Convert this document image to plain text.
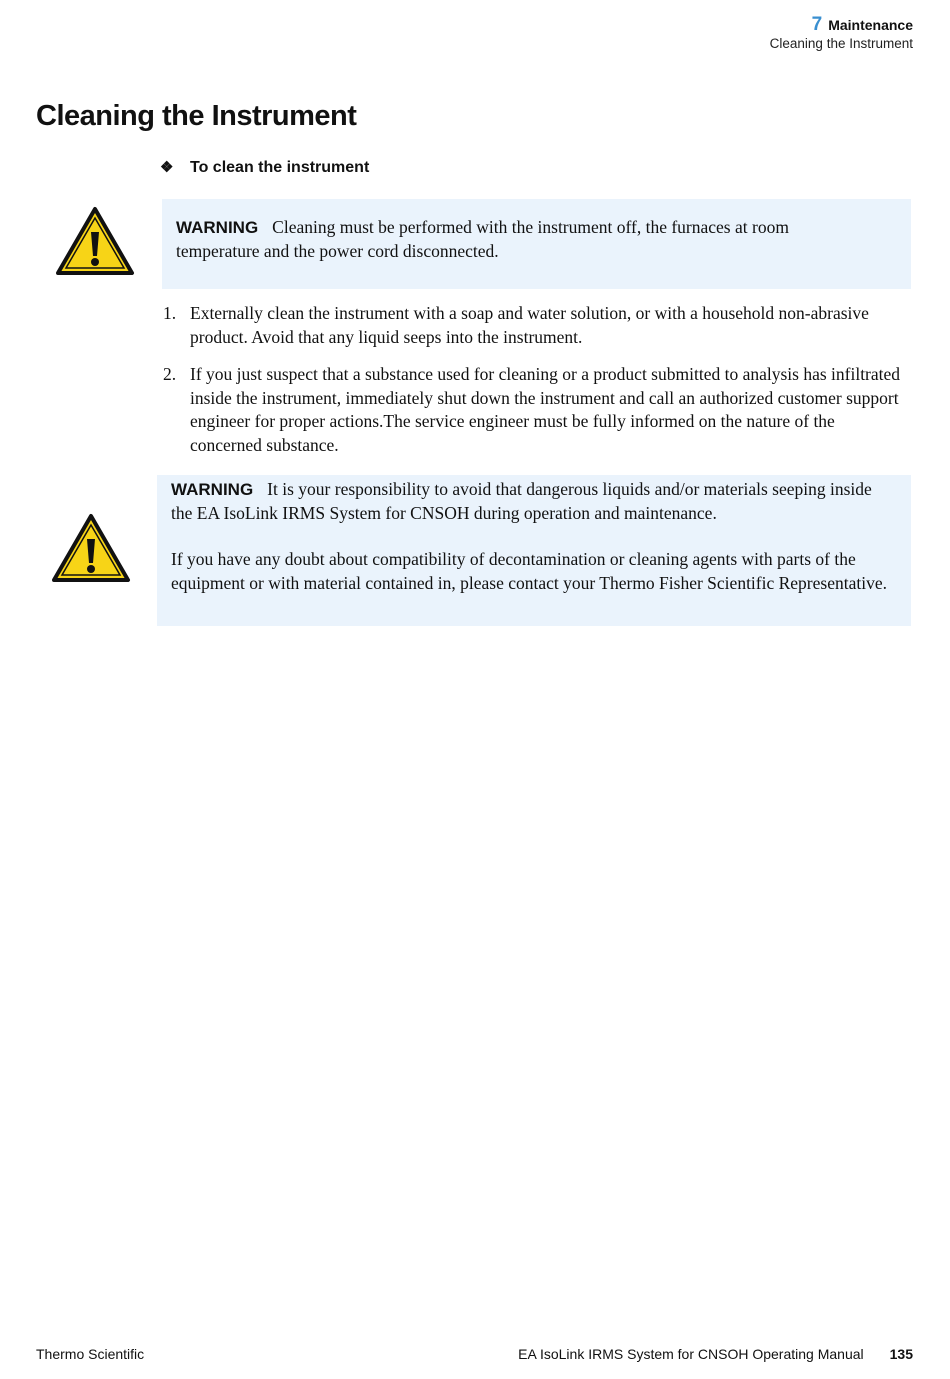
7 Maintenance
Cleaning the Instrument
Cleaning the Instrument
❖ To clean the instrument

WARNING Cleaning must be performed with the instrument off, the furnaces at room temperature and the power cord disconnected.

1. Externally clean the instrument with a soap and water solution, or with a household non-abrasive product. Avoid that any liquid seeps into the instrument.
2. If you just suspect that a substance used for cleaning or a product submitted to analysis has infiltrated inside the instrument, immediately shut down the instrument and call an authorized customer support engineer for proper actions.The service engineer must be fully informed on the nature of the concerned substance.

WARNING It is your responsibility to avoid that dangerous liquids and/or materials seeping inside the EA IsoLink IRMS System for CNSOH during operation and maintenance.

If you have any doubt about compatibility of decontamination or cleaning agents with parts of the equipment or with material contained in, please contact your Thermo Fisher Scientific Representative.

Thermo Scientific	EA IsoLink IRMS System for CNSOH Operating Manual 135
